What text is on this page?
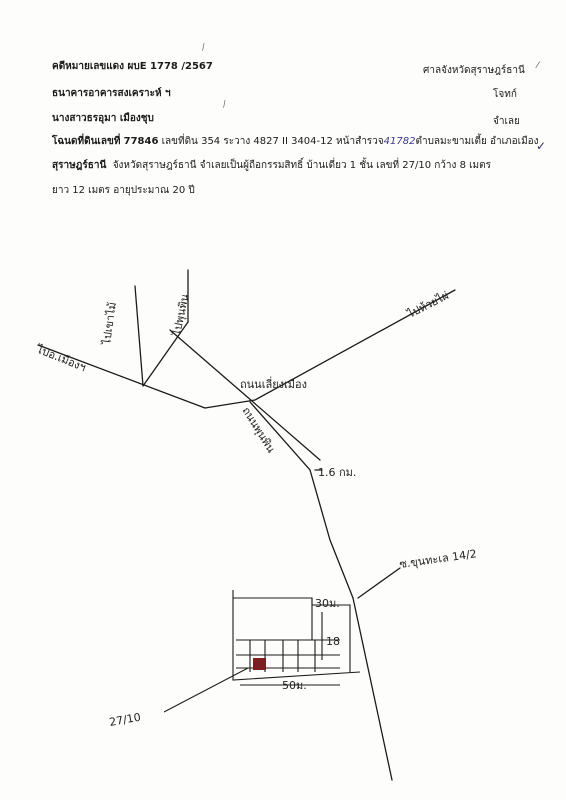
คดีหมายเลขแดง ผบE 1778 /2567	ศาลจังหวัดสุราษฎร์ธานี
ธนาคารอาคารสงเคราะห์ ฯ	โจทก์
นางสาวธรอุมา เมืองชุบ	จำเลย
โฉนดที่ดินเลขที่ 77846 เลขที่ดิน 354 ระวาง 4827 II 3404-12 หน้าสำรวจ41782ตำบลมะขามเตี้ย อำเภอเมือง
สุราษฎร์ธานี จังหวัดสุราษฎร์ธานี จำเลยเป็นผู้ถือกรรมสิทธิ์ บ้านเดี่ยว 1 ชั้น เลขที่ 27/10 กว้าง 8 เมตร
ยาว 12 เมตร อายุประมาณ 20 ปี
⁄
⁄
⁄
✓
ไปอ.เมืองฯ
ไปเขาไม้	ไปพุนพิน	ไปห้วยไผ่
ถนนเลี่ยงเมือง
ถนนพุนพิน
1.6 กม.
ซ.ขุนทะเล 14/2
30ม.
18
50ม.
27/10
